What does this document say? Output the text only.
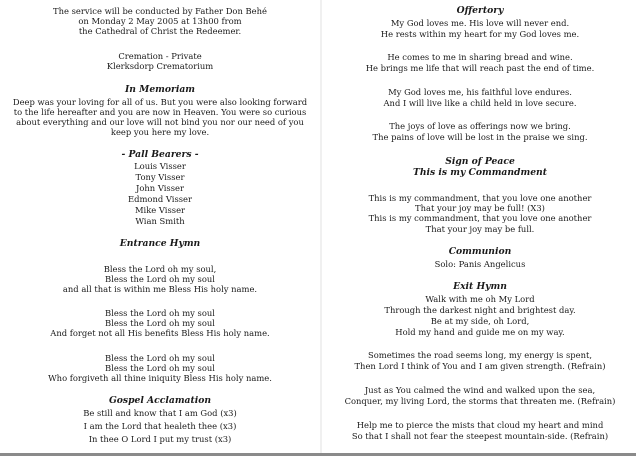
The service will be conducted by Father Don Behé
on Monday 2 May 2005 at 13h00 from
the Cathedral of Christ the Redeemer.
Cremation - Private
Klerksdorp Crematorium
In Memoriam
Deep was your loving for all of us. But you were also looking forward
to the life hereafter and you are now in Heaven. You were so curious
about everything and our love will not bind you nor our need of you
keep you here my love.
- Pall Bearers -
Louis Visser
Tony Visser
John Visser
Edmond Visser
Mike Visser
Wian Smith
Entrance Hymn
Bless the Lord oh my soul,
Bless the Lord oh my soul
and all that is within me Bless His holy name.
Bless the Lord oh my soul
Bless the Lord oh my soul
And forget not all His benefits Bless His holy name.
Bless the Lord oh my soul
Bless the Lord oh my soul
Who forgiveth all thine iniquity Bless His holy name.
Gospel Acclamation
Be still and know that I am God (x3)
I am the Lord that healeth thee (x3)
In thee O Lord I put my trust (x3)
Offertory
My God loves me. His love will never end.
He rests within my heart for my God loves me.
He comes to me in sharing bread and wine.
He brings me life that will reach past the end of time.
My God loves me, his faithful love endures.
And I will live like a child held in love secure.
The joys of love as offerings now we bring.
The pains of love will be lost in the praise we sing.
Sign of Peace
This is my Commandment
This is my commandment, that you love one another
That your joy may be full! (X3)
This is my commandment, that you love one another
That your joy may be full.
Communion
Solo: Panis Angelicus
Exit Hymn
Walk with me oh My Lord
Through the darkest night and brightest day.
Be at my side, oh Lord,
Hold my hand and guide me on my way.
Sometimes the road seems long, my energy is spent,
Then Lord I think of You and I am given strength. (Refrain)
Just as You calmed the wind and walked upon the sea,
Conquer, my living Lord, the storms that threaten me. (Refrain)
Help me to pierce the mists that cloud my heart and mind
So that I shall not fear the steepest mountain-side. (Refrain)
